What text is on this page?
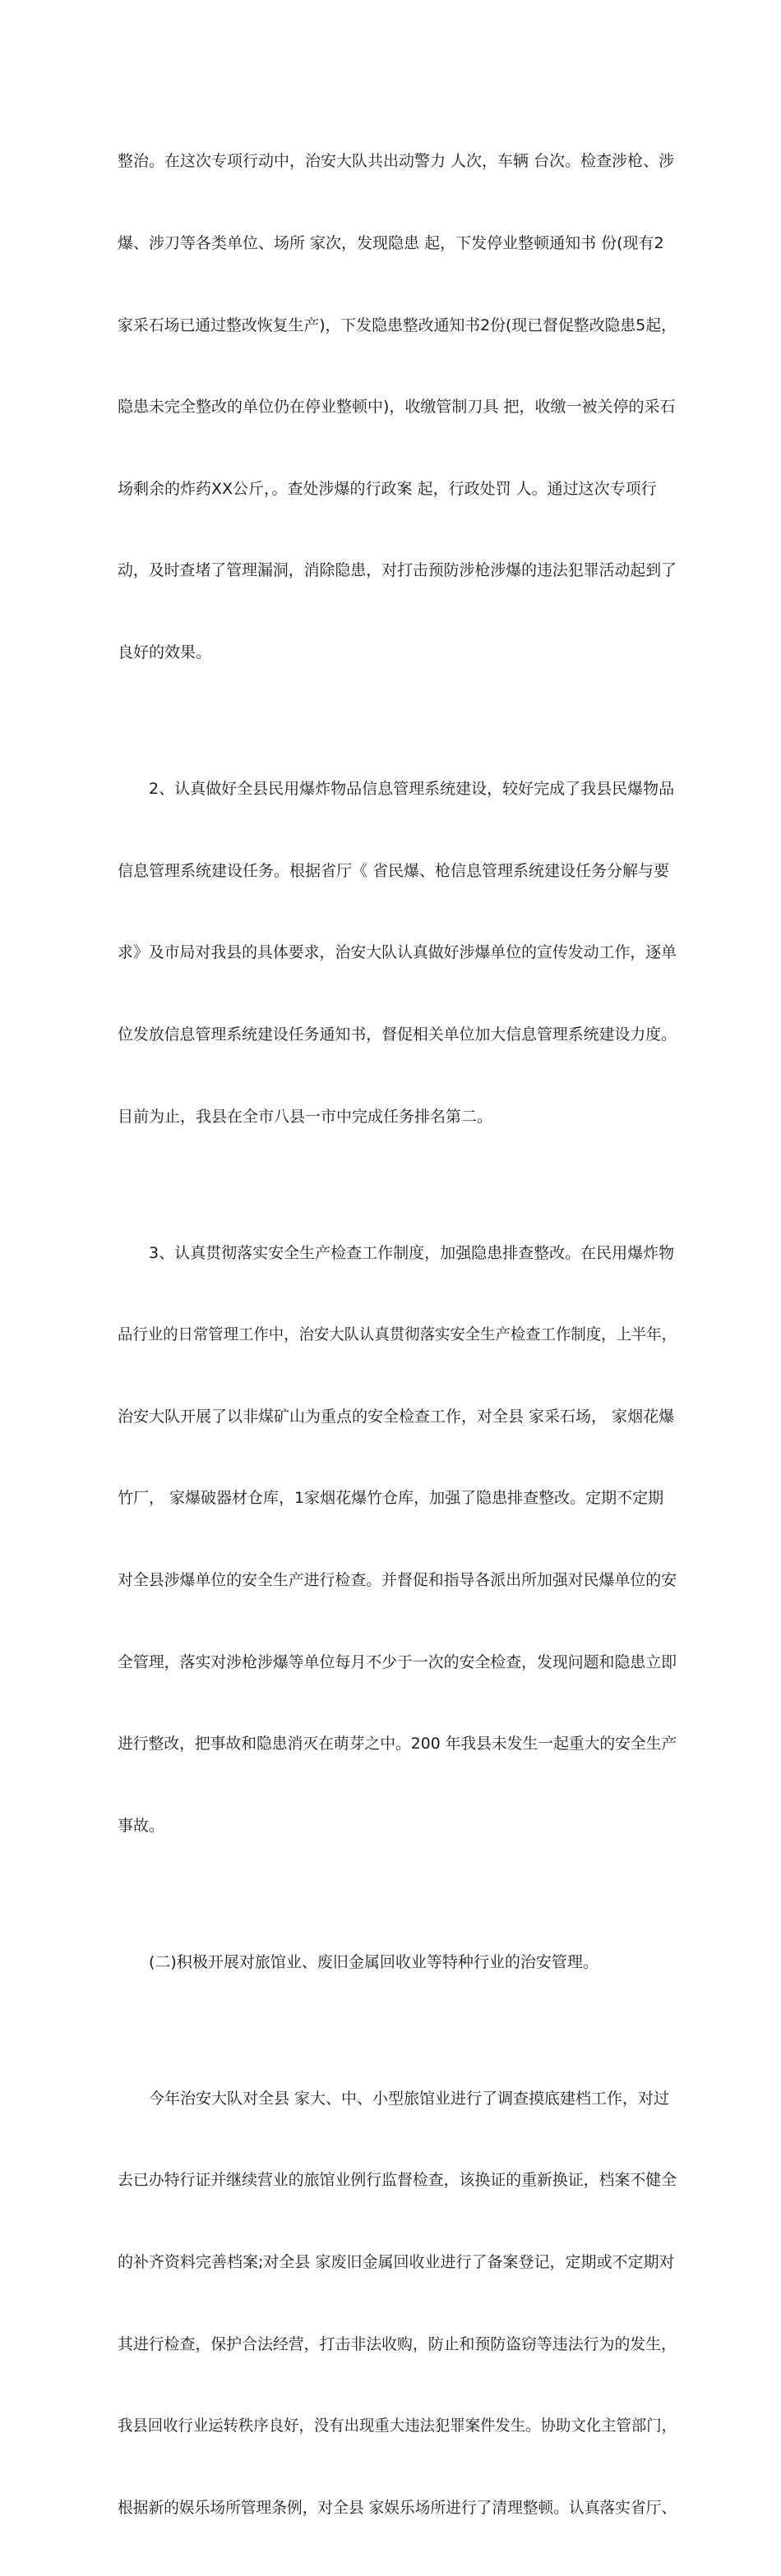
整治。在这次专项行动中，治安大队共出动警力 人次，车辆 台次。检查涉枪、涉

爆、涉刀等各类单位、场所 家次，发现隐患 起，下发停业整顿通知书 份(现有2

家采石场已通过整改恢复生产)，下发隐患整改通知书2份(现已督促整改隐患5起，

隐患未完全整改的单位仍在停业整顿中)，收缴管制刀具 把，收缴一被关停的采石

场剩余的炸药XX公斤，。查处涉爆的行政案 起，行政处罚 人。通过这次专项行

动，及时查堵了管理漏洞，消除隐患，对打击预防涉枪涉爆的违法犯罪活动起到了

良好的效果。

2、认真做好全县民用爆炸物品信息管理系统建设，较好完成了我县民爆物品

信息管理系统建设任务。根据省厅《 省民爆、枪信息管理系统建设任务分解与要

求》及市局对我县的具体要求，治安大队认真做好涉爆单位的宣传发动工作，逐单

位发放信息管理系统建设任务通知书，督促相关单位加大信息管理系统建设力度。

目前为止，我县在全市八县一市中完成任务排名第二。

3、认真贯彻落实安全生产检查工作制度，加强隐患排查整改。在民用爆炸物

品行业的日常管理工作中，治安大队认真贯彻落实安全生产检查工作制度，上半年，

治安大队开展了以非煤矿山为重点的安全检查工作，对全县 家采石场， 家烟花爆

竹厂， 家爆破器材仓库，1家烟花爆竹仓库，加强了隐患排查整改。定期不定期

对全县涉爆单位的安全生产进行检查。并督促和指导各派出所加强对民爆单位的安

全管理，落实对涉枪涉爆等单位每月不少于一次的安全检查，发现问题和隐患立即

进行整改，把事故和隐患消灭在萌芽之中。200 年我县未发生一起重大的安全生产

事故。

(二)积极开展对旅馆业、废旧金属回收业等特种行业的治安管理。

今年治安大队对全县 家大、中、小型旅馆业进行了调查摸底建档工作，对过

去已办特行证并继续营业的旅馆业例行监督检查，该换证的重新换证，档案不健全

的补齐资料完善档案;对全县 家废旧金属回收业进行了备案登记，定期或不定期对

其进行检查，保护合法经营，打击非法收购，防止和预防盗窃等违法行为的发生，

我县回收行业运转秩序良好，没有出现重大违法犯罪案件发生。协助文化主管部门，

根据新的娱乐场所管理条例，对全县 家娱乐场所进行了清理整顿。认真落实省厅、
